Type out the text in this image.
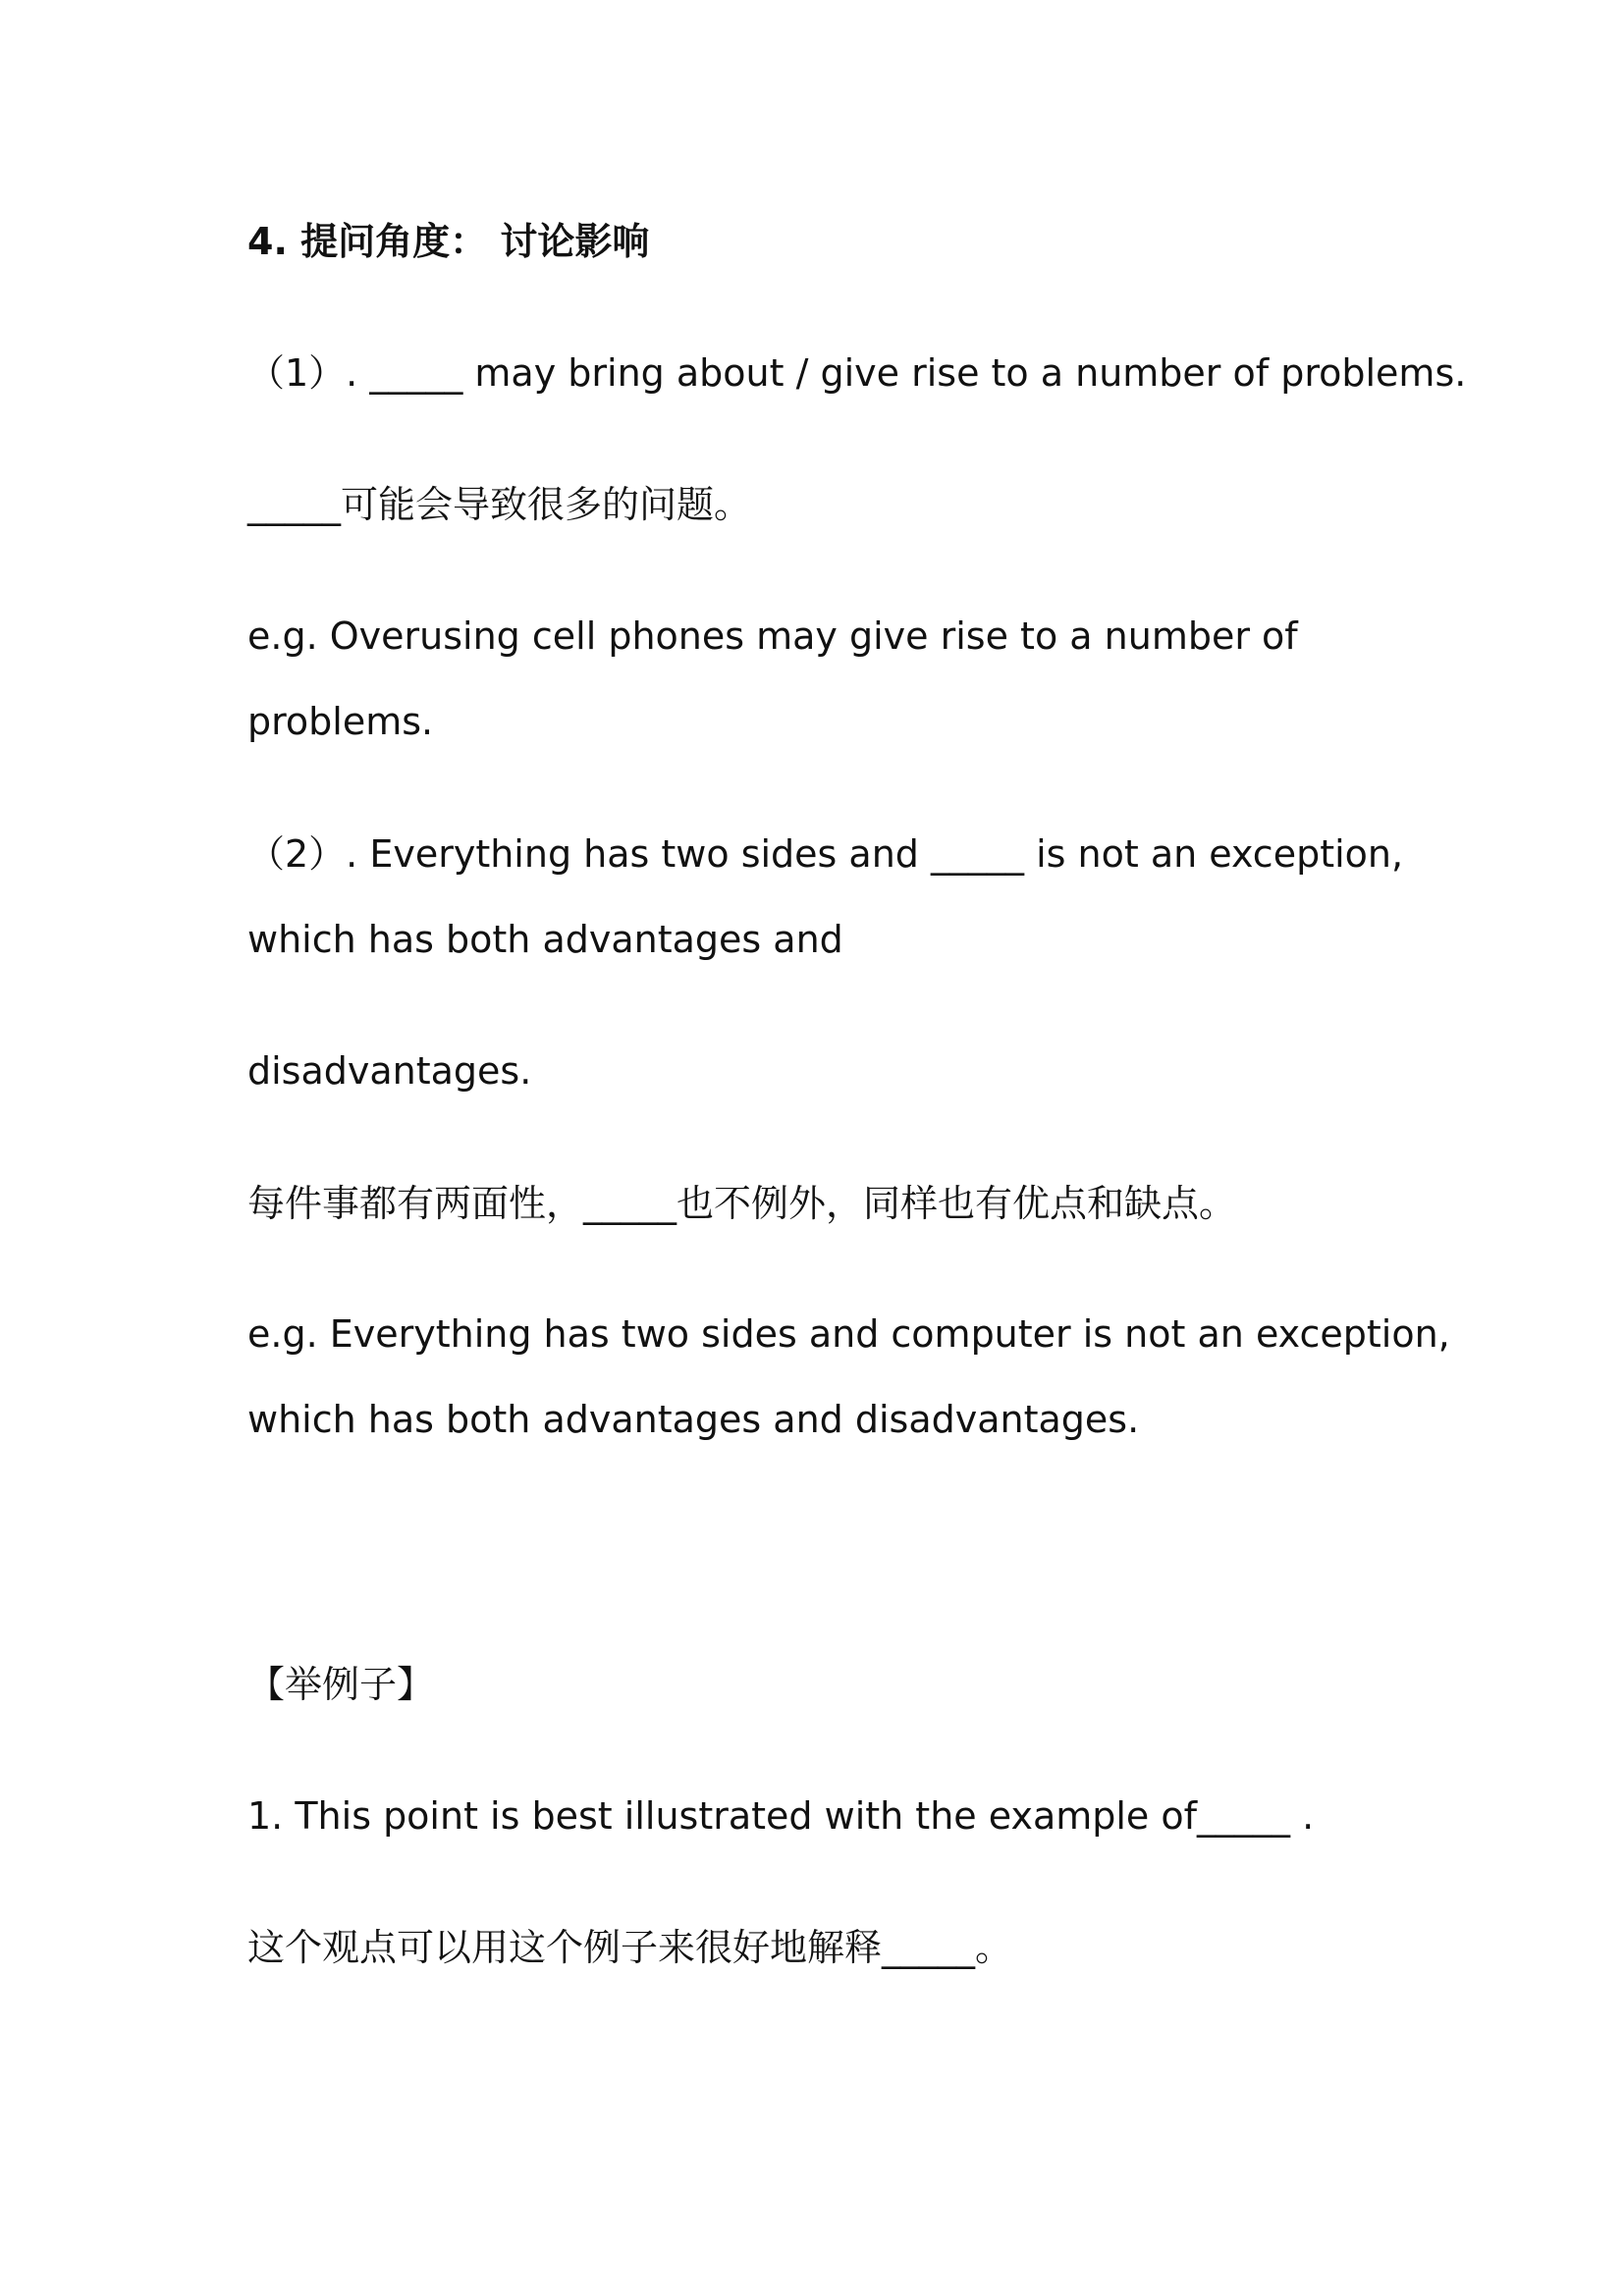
4. 提问角度： 讨论影响
（1）. _____ may bring about / give rise to a number of problems.
_____可能会导致很多的问题。
e.g. Overusing cell phones may give rise to a number of
problems.
（2）. Everything has two sides and _____ is not an exception,
which has both advantages and
disadvantages.
每件事都有两面性，_____也不例外，同样也有优点和缺点。
e.g. Everything has two sides and computer is not an exception,
which has both advantages and disadvantages.
【举例子】
1. This point is best illustrated with the example of_____ .
这个观点可以用这个例子来很好地解释_____。
